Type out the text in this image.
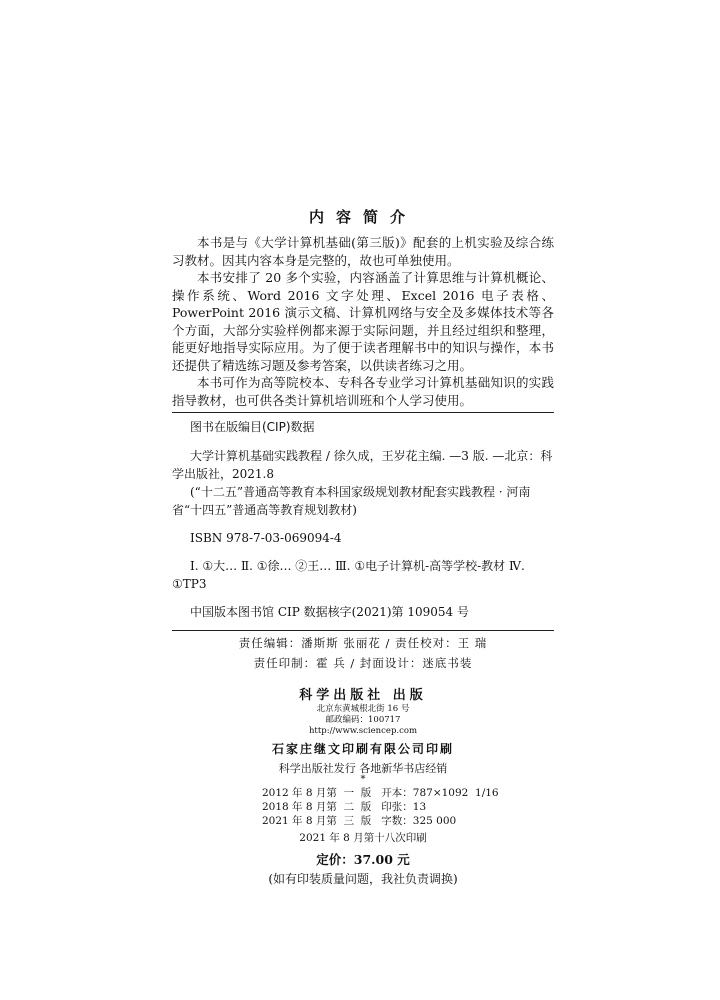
内容简介

本书是与《大学计算机基础(第三版)》配套的上机实验及综合练习教材。因其内容本身是完整的，故也可单独使用。

本书安排了 20 多个实验，内容涵盖了计算思维与计算机概论、操作系统、Word 2016 文字处理、Excel 2016 电子表格、PowerPoint 2016 演示文稿、计算机网络与安全及多媒体技术等各个方面，大部分实验样例都来源于实际问题，并且经过组织和整理，能更好地指导实际应用。为了便于读者理解书中的知识与操作，本书还提供了精选练习题及参考答案，以供读者练习之用。

本书可作为高等院校本、专科各专业学习计算机基础知识的实践指导教材，也可供各类计算机培训班和个人学习使用。

图书在版编目(CIP)数据

大学计算机基础实践教程 / 徐久成，王岁花主编. —3 版. —北京：科学出版社，2021.8

(“十二五”普通高等教育本科国家级规划教材配套实践教程 · 河南省“十四五”普通高等教育规划教材)

ISBN 978-7-03-069094-4

Ⅰ. ①大… Ⅱ. ①徐… ②王… Ⅲ. ①电子计算机-高等学校-教材 Ⅳ. ①TP3

中国版本图书馆 CIP 数据核字(2021)第 109054 号

责任编辑：潘斯斯 张丽花 / 责任校对：王 瑞
责任印制：霍 兵 / 封面设计：迷底书装
科学出版社 出版
北京东黄城根北街 16 号
邮政编码：100717
http://www.sciencep.com
石家庄继文印刷有限公司印刷
科学出版社发行 各地新华书店经销
*
2012 年 8 月第  一  版   开本：787×1092  1/16
2018 年 8 月第  二  版   印张：13
2021 年 8 月第  三  版   字数：325 000
2021 年 8 月第十八次印刷
定价：37.00 元
(如有印装质量问题，我社负责调换)
